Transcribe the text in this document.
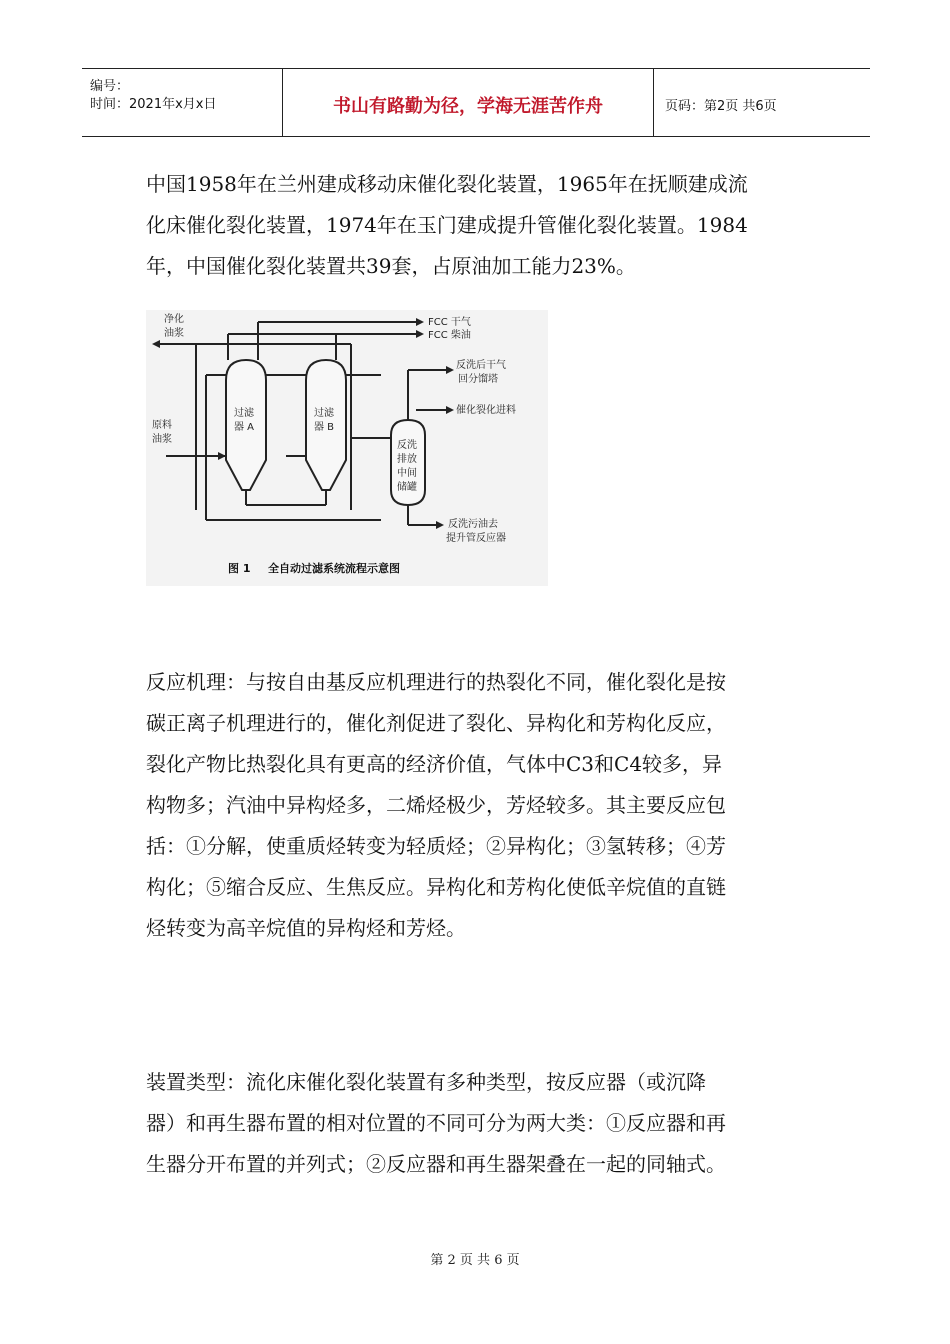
编号：
时间：2021年x月x日	书山有路勤为径，学海无涯苦作舟	页码：第2页 共6页
中国1958年在兰州建成移动床催化裂化装置，1965年在抚顺建成流
化床催化裂化装置，1974年在玉门建成提升管催化裂化装置。1984
年，中国催化裂化装置共39套，占原油加工能力23%。
净化
油浆
FCC 干气
FCC 柴油
反洗后干气
回分馏塔
催化裂化进料
原料
油浆
过滤
器 A
过滤
器 B
反洗
排放
中间
储罐
反洗污油去
提升管反应器
图 1 全自动过滤系统流程示意图
反应机理：与按自由基反应机理进行的热裂化不同，催化裂化是按
碳正离子机理进行的，催化剂促进了裂化、异构化和芳构化反应，
裂化产物比热裂化具有更高的经济价值，气体中C3和C4较多，异
构物多；汽油中异构烃多，二烯烃极少，芳烃较多。其主要反应包
括：①分解，使重质烃转变为轻质烃；②异构化；③氢转移；④芳
构化；⑤缩合反应、生焦反应。异构化和芳构化使低辛烷值的直链
烃转变为高辛烷值的异构烃和芳烃。
装置类型：流化床催化裂化装置有多种类型，按反应器（或沉降
器）和再生器布置的相对位置的不同可分为两大类：①反应器和再
生器分开布置的并列式；②反应器和再生器架叠在一起的同轴式。
第 2 页 共 6 页
